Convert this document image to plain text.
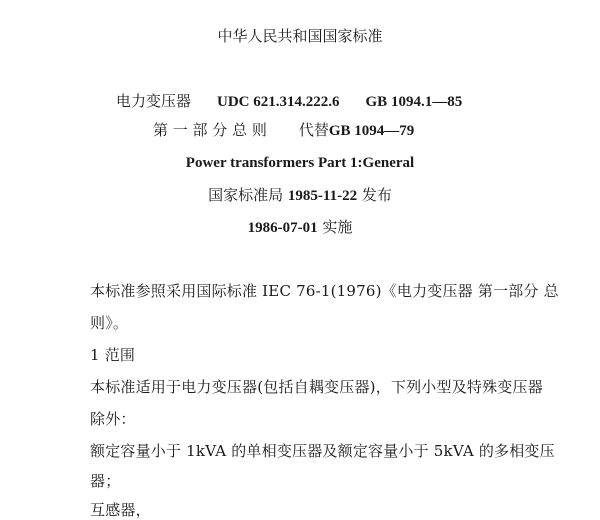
中华人民共和国国家标准
电力变压器 UDC 621.314.222.6 GB 1094.1—85
第 一 部 分 总 则 代替GB 1094—79
Power transformers Part 1:General
国家标准局 1985-11-22 发布
1986-07-01 实施
本标准参照采用国际标准 IEC 76-1(1976)《电力变压器 第一部分 总
则》。
1 范围
本标准适用于电力变压器(包括自耦变压器)，下列小型及特殊变压器
除外：
额定容量小于 1kVA 的单相变压器及额定容量小于 5kVA 的多相变压
器；
互感器，
